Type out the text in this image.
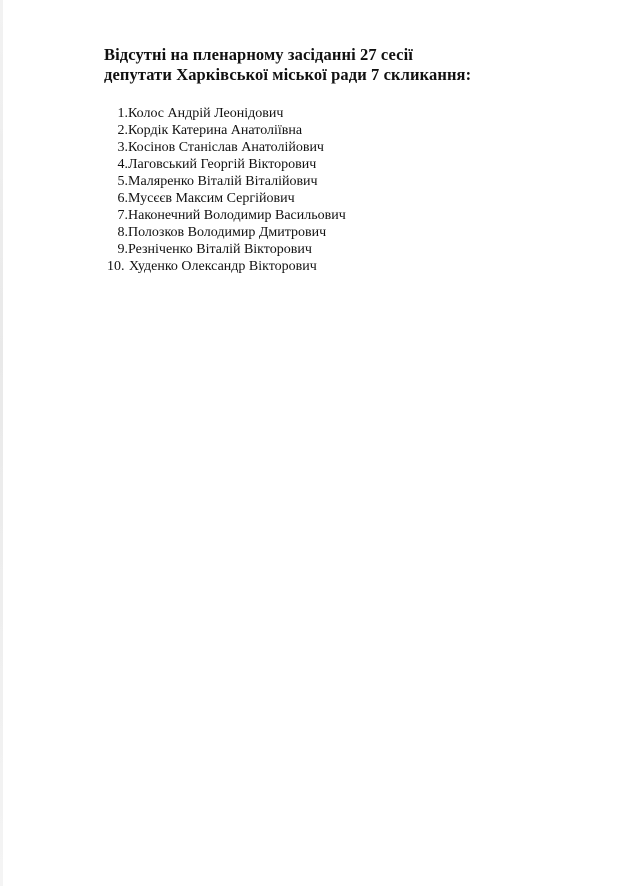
Відсутні на пленарному засіданні 27 сесії
депутати Харківської міської ради 7 скликання:
1. Колос Андрій Леонідович
2. Кордік Катерина Анатоліївна
3. Косінов Станіслав Анатолійович
4. Лаговський Георгій Вікторович
5. Маляренко Віталій Віталійович
6. Мусєєв Максим Сергійович
7. Наконечний Володимир Васильович
8. Полозков Володимир Дмитрович
9. Резніченко Віталій Вікторович
10. Худенко Олександр Вікторович
